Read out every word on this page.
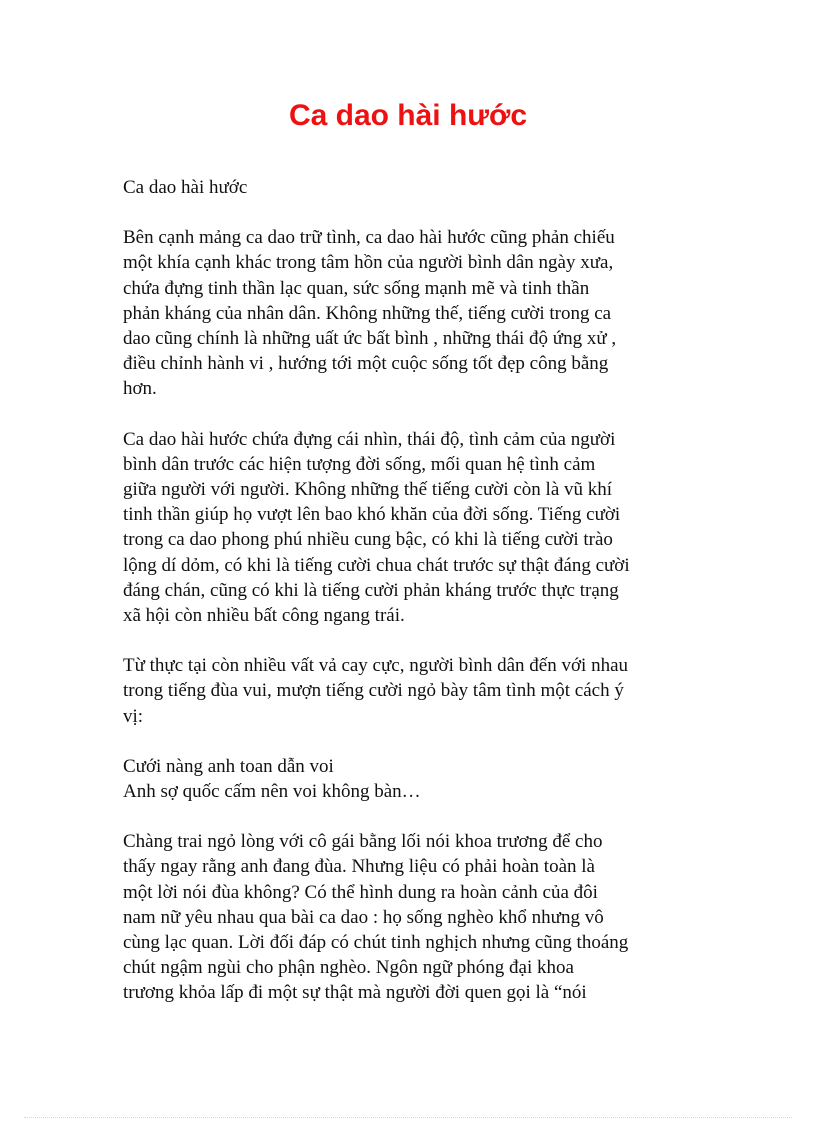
Ca dao hài hước

Ca dao hài hước

Bên cạnh mảng ca dao trữ tình, ca dao hài hước cũng phản chiếu
một khía cạnh khác trong tâm hồn của người bình dân ngày xưa,
chứa đựng tinh thần lạc quan, sức sống mạnh mẽ và tinh thần
phản kháng của nhân dân. Không những thế, tiếng cười trong ca
dao cũng chính là những uất ức bất bình , những thái độ ứng xử ,
điều chỉnh hành vi , hướng tới một cuộc sống tốt đẹp công bằng
hơn.

Ca dao hài hước chứa đựng cái nhìn, thái độ, tình cảm của người
bình dân trước các hiện tượng đời sống, mối quan hệ tình cảm
giữa người với người. Không những thế tiếng cười còn là vũ khí
tinh thần giúp họ vượt lên bao khó khăn của đời sống. Tiếng cười
trong ca dao phong phú nhiều cung bậc, có khi là tiếng cười trào
lộng dí dỏm, có khi là tiếng cười chua chát trước sự thật đáng cười
đáng chán, cũng có khi là tiếng cười phản kháng trước thực trạng
xã hội còn nhiều bất công ngang trái.

Từ thực tại còn nhiều vất vả cay cực, người bình dân đến với nhau
trong tiếng đùa vui, mượn tiếng cười ngỏ bày tâm tình một cách ý
vị:

Cưới nàng anh toan dẫn voi
Anh sợ quốc cấm nên voi không bàn…

Chàng trai ngỏ lòng với cô gái bằng lối nói khoa trương để cho
thấy ngay rằng anh đang đùa. Nhưng liệu có phải hoàn toàn là
một lời nói đùa không? Có thể hình dung ra hoàn cảnh của đôi
nam nữ yêu nhau qua bài ca dao : họ sống nghèo khổ nhưng vô
cùng lạc quan. Lời đối đáp có chút tinh nghịch nhưng cũng thoáng
chút ngậm ngùi cho phận nghèo. Ngôn ngữ phóng đại khoa
trương khỏa lấp đi một sự thật mà người đời quen gọi là “nói
